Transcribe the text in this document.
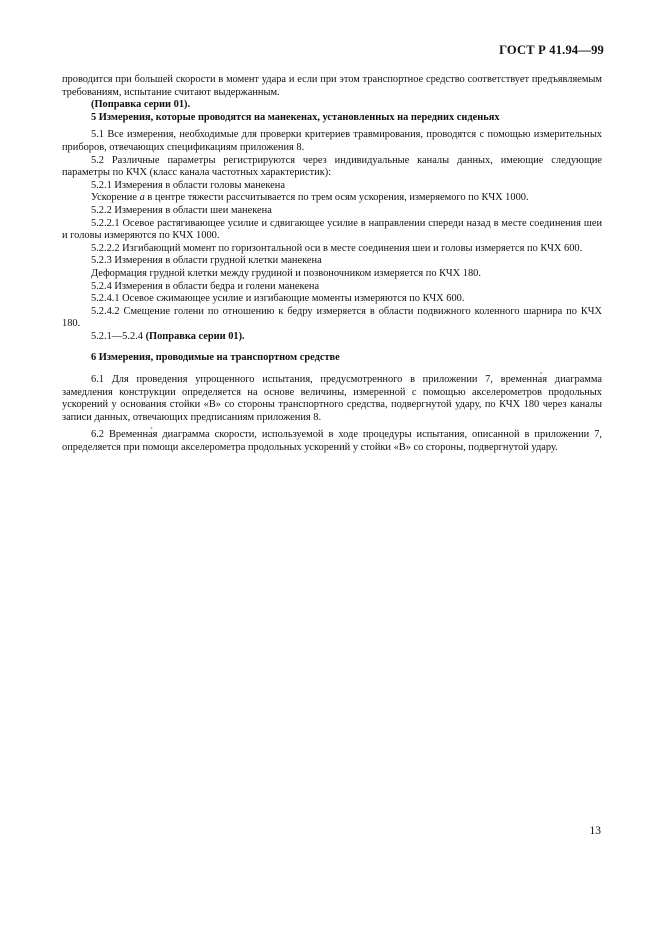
ГОСТ Р 41.94—99

проводится при большей скорости в момент удара и если при этом транспортное средство соответствует предъявляемым требованиям, испытание считают выдержанным.

(Поправка серии 01).

5 Измерения, которые проводятся на манекенах, установленных на передних сиденьях

5.1 Все измерения, необходимые для проверки критериев травмирования, проводятся с помощью измерительных приборов, отвечающих спецификациям приложения 8.

5.2 Различные параметры регистрируются через индивидуальные каналы данных, имеющие следующие параметры по КЧХ (класс канала частотных характеристик):

5.2.1 Измерения в области головы манекена

Ускорение a в центре тяжести рассчитывается по трем осям ускорения, измеряемого по КЧХ 1000.

5.2.2 Измерения в области шеи манекена

5.2.2.1 Осевое растягивающее усилие и сдвигающее усилие в направлении спереди назад в месте соединения шеи и головы измеряются по КЧХ 1000.

5.2.2.2 Изгибающий момент по горизонтальной оси в месте соединения шеи и головы измеряется по КЧХ 600.

5.2.3 Измерения в области грудной клетки манекена

Деформация грудной клетки между грудиной и позвоночником измеряется по КЧХ 180.

5.2.4 Измерения в области бедра и голени манекена

5.2.4.1 Осевое сжимающее усилие и изгибающие моменты измеряются по КЧХ 600.

5.2.4.2 Смещение голени по отношению к бедру измеряется в области подвижного коленного шарнира по КЧХ 180.

5.2.1—5.2.4 (Поправка серии 01).

6 Измерения, проводимые на транспортном средстве

6.1 Для проведения упрощенного испытания, предусмотренного в приложении 7, временна́я диаграмма замедления конструкции определяется на основе величины, измеренной с помощью акселерометров продольных ускорений у основания стойки «В» со стороны транспортного средства, подвергнутой удару, по КЧХ 180 через каналы записи данных, отвечающих предписаниям приложения 8.

6.2 Временна́я диаграмма скорости, используемой в ходе процедуры испытания, описанной в приложении 7, определяется при помощи акселерометра продольных ускорений у стойки «В» со стороны, подвергнутой удару.

13
